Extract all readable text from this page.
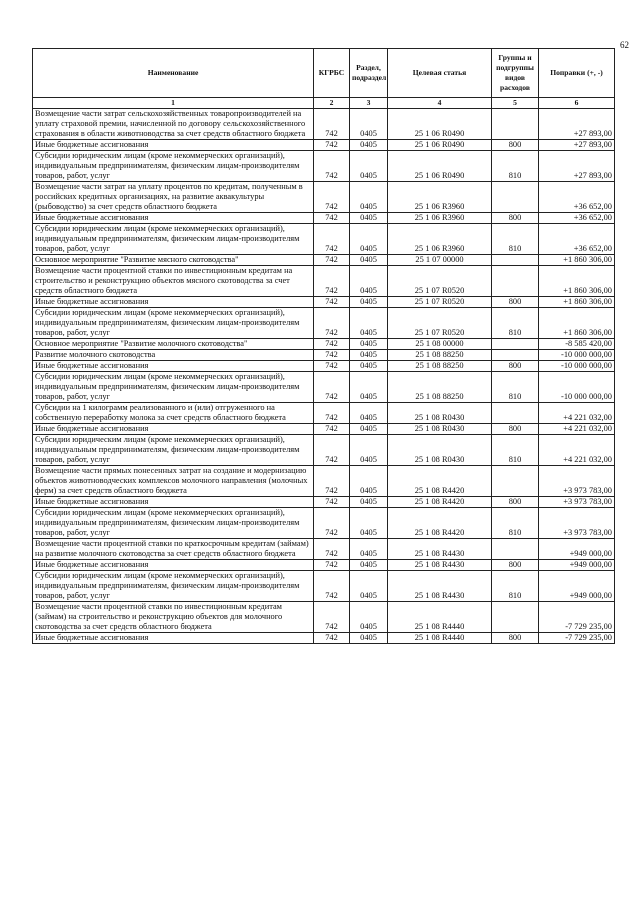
62
Наименование	КГРБС	Раздел, подраздел	Целевая статья	Группы и подгруппы видов расходов	Поправки (+, -)
1	2	3	4	5	6
Возмещение части затрат сельскохозяйственных товаропроизводителей на уплату страховой премии, начисленной по договору сельскохозяйственного страхования в области животноводства за счет средств областного бюджета	742	0405	25 1 06 R0490		+27 893,00
Иные бюджетные ассигнования	742	0405	25 1 06 R0490	800	+27 893,00
Субсидии юридическим лицам (кроме некоммерческих организаций), индивидуальным предпринимателям, физическим лицам-производителям товаров, работ, услуг	742	0405	25 1 06 R0490	810	+27 893,00
Возмещение части затрат на уплату процентов по кредитам, полученным в российских кредитных организациях, на развитие аквакультуры (рыбоводство) за счет средств областного бюджета	742	0405	25 1 06 R3960		+36 652,00
Иные бюджетные ассигнования	742	0405	25 1 06 R3960	800	+36 652,00
Субсидии юридическим лицам (кроме некоммерческих организаций), индивидуальным предпринимателям, физическим лицам-производителям товаров, работ, услуг	742	0405	25 1 06 R3960	810	+36 652,00
Основное мероприятие "Развитие мясного скотоводства"	742	0405	25 1 07 00000		+1 860 306,00
Возмещение части процентной ставки по инвестиционным кредитам на строительство и реконструкцию объектов мясного скотоводства за счет средств областного бюджета	742	0405	25 1 07 R0520		+1 860 306,00
Иные бюджетные ассигнования	742	0405	25 1 07 R0520	800	+1 860 306,00
Субсидии юридическим лицам (кроме некоммерческих организаций), индивидуальным предпринимателям, физическим лицам-производителям товаров, работ, услуг	742	0405	25 1 07 R0520	810	+1 860 306,00
Основное мероприятие "Развитие молочного скотоводства"	742	0405	25 1 08 00000		-8 585 420,00
Развитие молочного скотоводства	742	0405	25 1 08 88250		-10 000 000,00
Иные бюджетные ассигнования	742	0405	25 1 08 88250	800	-10 000 000,00
Субсидии юридическим лицам (кроме некоммерческих организаций), индивидуальным предпринимателям, физическим лицам-производителям товаров, работ, услуг	742	0405	25 1 08 88250	810	-10 000 000,00
Субсидии на 1 килограмм реализованного и (или) отгруженного на собственную переработку молока за счет средств областного бюджета	742	0405	25 1 08 R0430		+4 221 032,00
Иные бюджетные ассигнования	742	0405	25 1 08 R0430	800	+4 221 032,00
Субсидии юридическим лицам (кроме некоммерческих организаций), индивидуальным предпринимателям, физическим лицам-производителям товаров, работ, услуг	742	0405	25 1 08 R0430	810	+4 221 032,00
Возмещение части прямых понесенных затрат на создание и модернизацию объектов животноводческих комплексов молочного направления (молочных ферм) за счет средств областного бюджета	742	0405	25 1 08 R4420		+3 973 783,00
Иные бюджетные ассигнования	742	0405	25 1 08 R4420	800	+3 973 783,00
Субсидии юридическим лицам (кроме некоммерческих организаций), индивидуальным предпринимателям, физическим лицам-производителям товаров, работ, услуг	742	0405	25 1 08 R4420	810	+3 973 783,00
Возмещение части процентной ставки по краткосрочным кредитам (займам) на развитие молочного скотоводства за счет средств областного бюджета	742	0405	25 1 08 R4430		+949 000,00
Иные бюджетные ассигнования	742	0405	25 1 08 R4430	800	+949 000,00
Субсидии юридическим лицам (кроме некоммерческих организаций), индивидуальным предпринимателям, физическим лицам-производителям товаров, работ, услуг	742	0405	25 1 08 R4430	810	+949 000,00
Возмещение части процентной ставки по инвестиционным кредитам (займам) на строительство и реконструкцию объектов для молочного скотоводства за счет средств областного бюджета	742	0405	25 1 08 R4440		-7 729 235,00
Иные бюджетные ассигнования	742	0405	25 1 08 R4440	800	-7 729 235,00
